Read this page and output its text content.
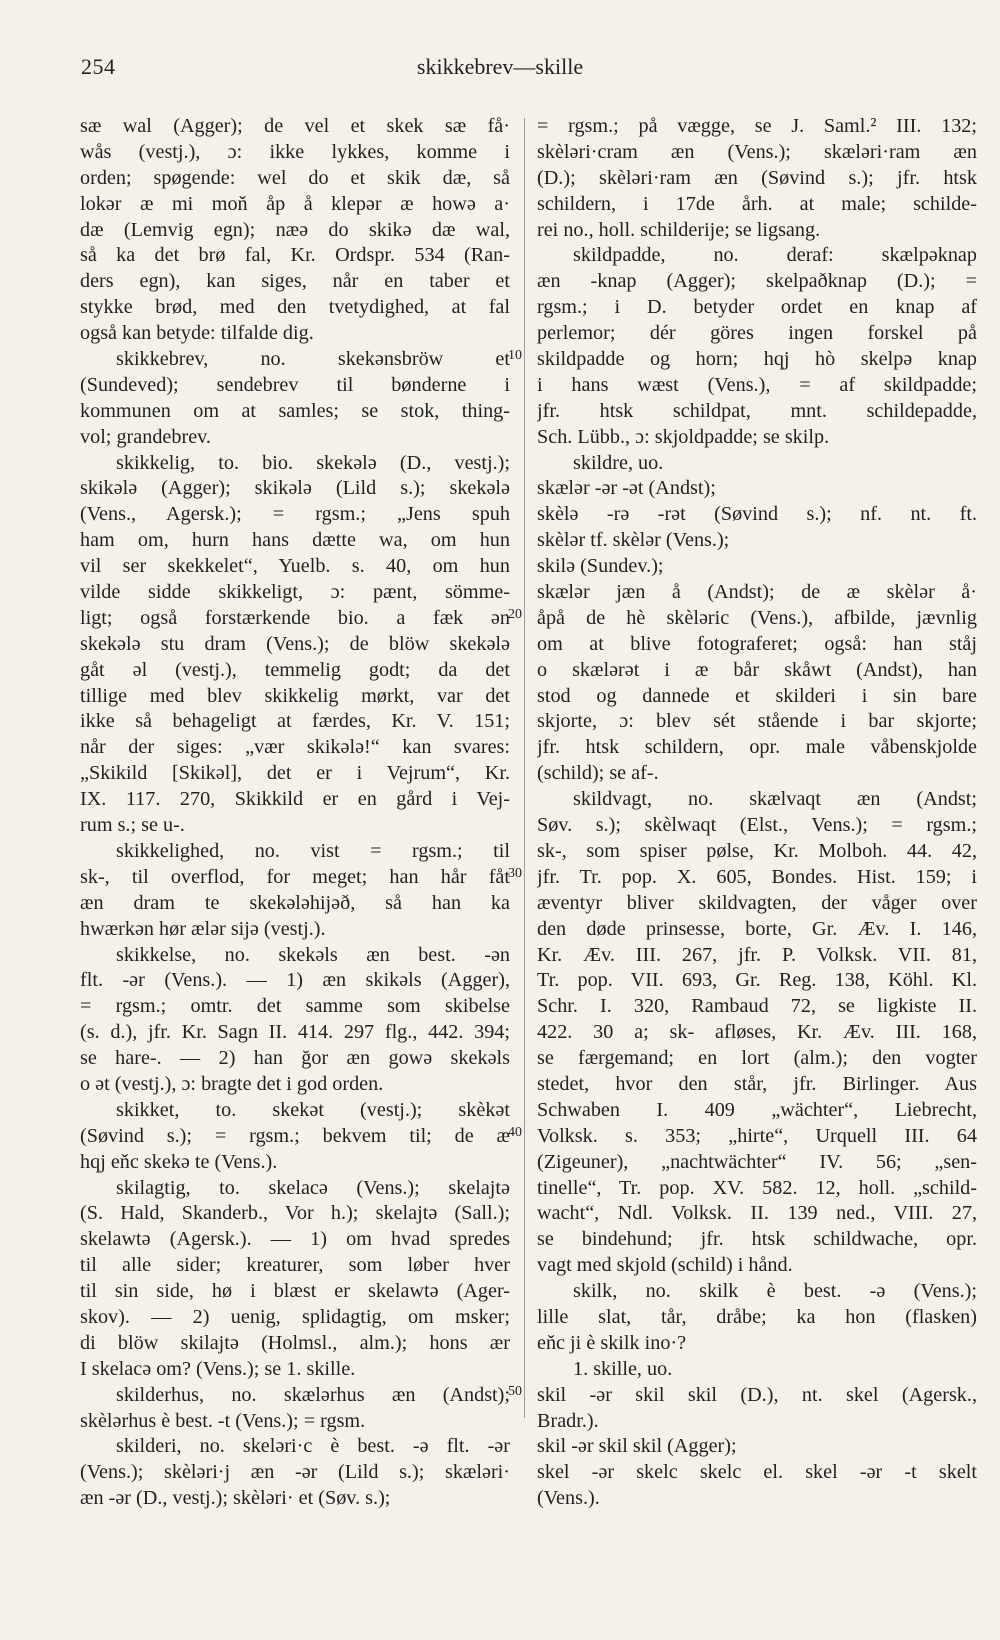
254	skikkebrev—skille
10
20
30
40
50
sæ wal (Agger); de vel et skek sæ få·
wås (vestj.), ɔ: ikke lykkes, komme i
orden; spøgende: wel do et skik dæ, så
lokər æ mi moň åp å klepər æ howə a·
dæ (Lemvig egn); næə do skikə dæ wal,
så ka det brø fal, Kr. Ordspr. 534 (Ran-
ders egn), kan siges, når en taber et
stykke brød, med den tvetydighed, at fal
også kan betyde: tilfalde dig.
skikkebrev, no. skekənsbröw et
(Sundeved); sendebrev til bønderne i
kommunen om at samles; se stok, thing-
vol; grandebrev.
skikkelig, to. bio. skekələ (D., vestj.);
skikələ (Agger); skikələ (Lild s.); skekələ
(Vens., Agersk.); = rgsm.; „Jens spuh
ham om, hurn hans dætte wa, om hun
vil ser skekkelet“, Yuelb. s. 40, om hun
vilde sidde skikkeligt, ɔ: pænt, sömme-
ligt; også forstærkende bio. a fæk ən
skekələ stu dram (Vens.); de blöw skekələ
gåt əl (vestj.), temmelig godt; da det
tillige med blev skikkelig mørkt, var det
ikke så behageligt at færdes, Kr. V. 151;
når der siges: „vær skikələ!“ kan svares:
„Skikild [Skikəl], det er i Vejrum“, Kr.
IX. 117. 270, Skikkild er en gård i Vej-
rum s.; se u-.
skikkelighed, no. vist = rgsm.; til
sk-, til overflod, for meget; han hår fåt
æn dram te skekələhijəð, så han ka
hwærkən hør ælər sijə (vestj.).
skikkelse, no. skekəls æn best. -ən
flt. -ər (Vens.). — 1) æn skikəls (Agger),
= rgsm.; omtr. det samme som skibelse
(s. d.), jfr. Kr. Sagn II. 414. 297 flg., 442. 394;
se hare-. — 2) han ğor æn gowə skekəls
o ət (vestj.), ɔ: bragte det i god orden.
skikket, to. skekət (vestj.); skèkət
(Søvind s.); = rgsm.; bekvem til; de æ
hqj eňc skekə te (Vens.).
skilagtig, to. skelacə (Vens.); skelajtə
(S. Hald, Skanderb., Vor h.); skelajtə (Sall.);
skelawtə (Agersk.). — 1) om hvad spredes
til alle sider; kreaturer, som løber hver
til sin side, hø i blæst er skelawtə (Ager-
skov). — 2) uenig, splidagtig, om msker;
di blöw skilajtə (Holmsl., alm.); hons ær
I skelacə om? (Vens.); se 1. skille.
skilderhus, no. skælərhus æn (Andst);
skèlərhus è best. -t (Vens.); = rgsm.
skilderi, no. skeləri·c è best. -ə flt. -ər
(Vens.); skèləri·j æn -ər (Lild s.); skæləri·
æn -ər (D., vestj.); skèləri· et (Søv. s.);
= rgsm.; på vægge, se J. Saml.² III. 132;
skèləri·cram æn (Vens.); skæləri·ram æn
(D.); skèləri·ram æn (Søvind s.); jfr. htsk
schildern, i 17de årh. at male; schilde-
rei no., holl. schilderije; se ligsang.
skildpadde, no. deraf: skælpəknap
æn -knap (Agger); skelpaðknap (D.); =
rgsm.; i D. betyder ordet en knap af
perlemor; dér göres ingen forskel på
skildpadde og horn; hqj hò skelpə knap
i hans wæst (Vens.), = af skildpadde;
jfr. htsk schildpat, mnt. schildepadde,
Sch. Lübb., ɔ: skjoldpadde; se skilp.
skildre, uo.
skælər -ər -ət (Andst);
skèlə -rə -rət (Søvind s.); nf. nt. ft.
skèlər tf. skèlər (Vens.);
skilə (Sundev.);
skælər jæn å (Andst); de æ skèlər å·
åpå de hè skèləric (Vens.), afbilde, jævnlig
om at blive fotograferet; også: han ståj
o skælərət i æ bår skåwt (Andst), han
stod og dannede et skilderi i sin bare
skjorte, ɔ: blev sét stående i bar skjorte;
jfr. htsk schildern, opr. male våbenskjolde
(schild); se af-.
skildvagt, no. skælvaqt æn (Andst;
Søv. s.); skèlwaqt (Elst., Vens.); = rgsm.;
sk-, som spiser pølse, Kr. Molboh. 44. 42,
jfr. Tr. pop. X. 605, Bondes. Hist. 159; i
æventyr bliver skildvagten, der våger over
den døde prinsesse, borte, Gr. Æv. I. 146,
Kr. Æv. III. 267, jfr. P. Volksk. VII. 81,
Tr. pop. VII. 693, Gr. Reg. 138, Köhl. Kl.
Schr. I. 320, Rambaud 72, se ligkiste II.
422. 30 a; sk- afløses, Kr. Æv. III. 168,
se færgemand; en lort (alm.); den vogter
stedet, hvor den står, jfr. Birlinger. Aus
Schwaben I. 409 „wächter“, Liebrecht,
Volksk. s. 353; „hirte“, Urquell III. 64
(Zigeuner), „nachtwächter“ IV. 56; „sen-
tinelle“, Tr. pop. XV. 582. 12, holl. „schild-
wacht“, Ndl. Volksk. II. 139 ned., VIII. 27,
se bindehund; jfr. htsk schildwache, opr.
vagt med skjold (schild) i hånd.
skilk, no. skilk è best. -ə (Vens.);
lille slat, tår, dråbe; ka hon (flasken)
eňc ji è skilk ino·?
1. skille, uo.
skil -ər skil skil (D.), nt. skel (Agersk.,
Bradr.).
skil -ər skil skil (Agger);
skel -ər skelc skelc el. skel -ər -t skelt
(Vens.).
